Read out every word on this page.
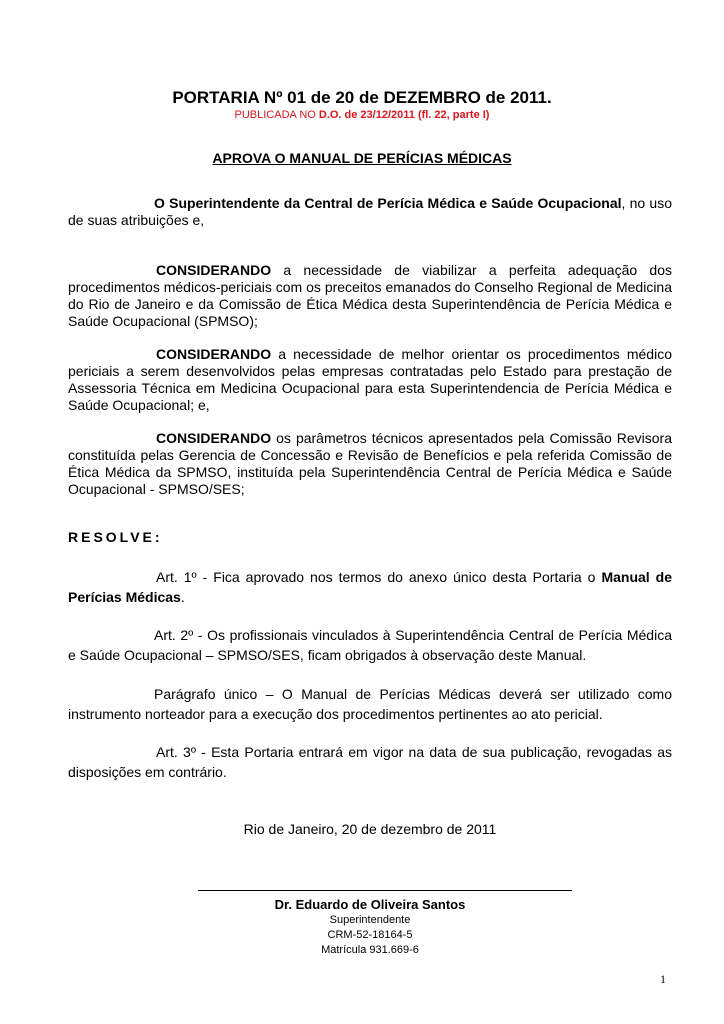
PORTARIA Nº 01 de 20 de DEZEMBRO de 2011.
PUBLICADA NO D.O. de 23/12/2011 (fl. 22, parte I)
APROVA O MANUAL DE PERÍCIAS MÉDICAS

O Superintendente da Central de Perícia Médica e Saúde Ocupacional, no uso de suas atribuições e,

CONSIDERANDO a necessidade de viabilizar a perfeita adequação dos procedimentos médicos-periciais com os preceitos emanados do Conselho Regional de Medicina do Rio de Janeiro e da Comissão de Ética Médica desta Superintendência de Perícia Médica e Saúde Ocupacional (SPMSO);

CONSIDERANDO a necessidade de melhor orientar os procedimentos médico periciais a serem desenvolvidos pelas empresas contratadas pelo Estado para prestação de Assessoria Técnica em Medicina Ocupacional para esta Superintendencia de Perícia Médica e Saúde Ocupacional; e,

CONSIDERANDO os parâmetros técnicos apresentados pela Comissão Revisora constituída pelas Gerencia de Concessão e Revisão de Benefícios e pela referida Comissão de Ética Médica da SPMSO, instituída pela Superintendência Central de Perícia Médica e Saúde Ocupacional - SPMSO/SES;

RESOLVE:

Art. 1º - Fica aprovado nos termos do anexo único desta Portaria o Manual de Perícias Médicas.

Art. 2º - Os profissionais vinculados à Superintendência Central de Perícia Médica e Saúde Ocupacional – SPMSO/SES, ficam obrigados à observação deste Manual.

Parágrafo único – O Manual de Perícias Médicas deverá ser utilizado como instrumento norteador para a execução dos procedimentos pertinentes ao ato pericial.

Art. 3º - Esta Portaria entrará em vigor na data de sua publicação, revogadas as disposições em contrário.

Rio de Janeiro, 20 de dezembro de 2011
Dr. Eduardo de Oliveira Santos
Superintendente
CRM-52-18164-5
Matrícula 931.669-6
1
